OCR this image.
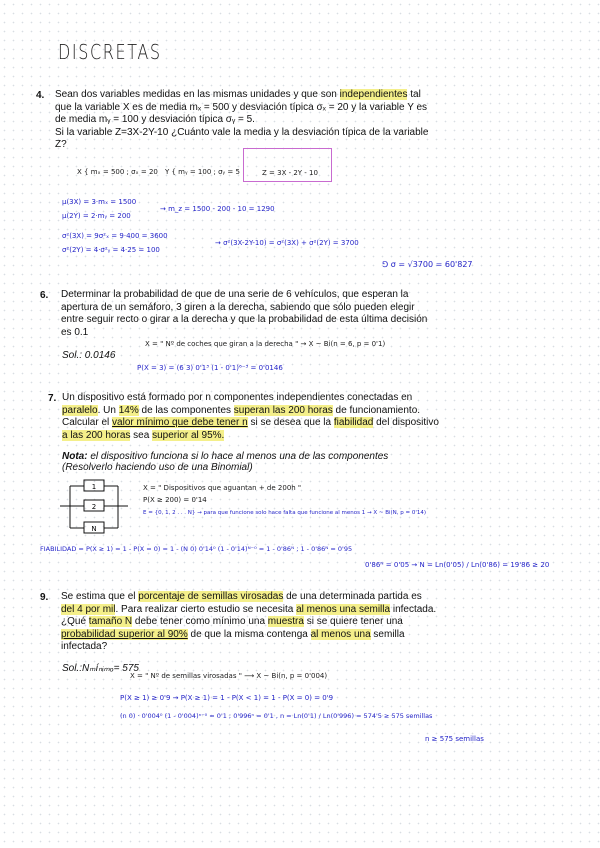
DISCRETAS
4. Sean dos variables medidas en las mismas unidades y que son independientes tal
que la variable X es de media mₓ = 500 y desviación típica σₓ = 20 y la variable Y es
de media mᵧ = 100 y desviación típica σᵧ = 5.
Si la variable Z=3X-2Y-10 ¿Cuánto vale la media y la desviación típica de la variable
Z?
X { mₓ = 500 ; σₓ = 20 Y { mᵧ = 100 ; σᵧ = 5	Z = 3X - 2Y - 10
μ(3X) = 3·mₓ = 1500
μ(2Y) = 2·mᵧ = 200
→ m_z = 1500 - 200 - 10 = 1290
σ²(3X) = 9σ²ₓ = 9·400 = 3600
σ²(2Y) = 4·σ²ᵧ = 4·25 = 100
→ σ²(3X-2Y-10) = σ²(3X) + σ²(2Y) = 3700
⅁ σ = √3700 = 60'827
6. Determinar la probabilidad de que de una serie de 6 vehículos, que esperan la
apertura de un semáforo, 3 giren a la derecha, sabiendo que sólo pueden elegir
entre seguir recto o girar a la derecha y que la probabilidad de esta última decisión
es 0.1
Sol.: 0.0146
X = " Nº de coches que giran a la derecha " → X ~ Bi(n = 6, p = 0'1)
P(X = 3) = (6 3) 0'1³ (1 - 0'1)⁶⁻³ = 0'0146
7. Un dispositivo está formado por n componentes independientes conectadas en
paralelo. Un 14% de las componentes superan las 200 horas de funcionamiento.
Calcular el valor mínimo que debe tener n si se desea que la fiabilidad del dispositivo
a las 200 horas sea superior al 95%.
Nota: el dispositivo funciona si lo hace al menos una de las componentes
(Resolverlo haciendo uso de una Binomial)
1
2
N
X = " Dispositivos que aguantan + de 200h "
P(X ≥ 200) = 0'14
E = {0, 1, 2 . . . N} → para que funcione solo hace falta que funcione al menos 1 → X ~ Bi(N, p = 0'14)
FIABILIDAD = P(X ≥ 1) = 1 - P(X = 0) = 1 - (N 0) 0'14⁰ (1 - 0'14)ᴺ⁻⁰ = 1 - 0'86ᴺ ; 1 - 0'86ᴺ = 0'95
0'86ᴺ = 0'05 → N = Ln(0'05) / Ln(0'86) = 19'86 ≥ 20
9. Se estima que el porcentaje de semillas virosadas de una determinada partida es
del 4 por mil. Para realizar cierto estudio se necesita al menos una semilla infectada.
¿Qué tamaño N debe tener como mínimo una muestra si se quiere tener una
probabilidad superior al 90% de que la misma contenga al menos una semilla
infectada?
Sol.:Nₘíₙᵢₘₒ= 575
X = " Nº de semillas virosadas " ⟶ X ~ Bi(n, p = 0'004)
P(X ≥ 1) ≥ 0'9 → P(X ≥ 1) = 1 - P(X < 1) = 1 - P(X = 0) = 0'9
(n 0) · 0'004⁰ (1 - 0'004)ⁿ⁻⁰ = 0'1 ; 0'996ⁿ = 0'1 , n = Ln(0'1) / Ln(0'996) = 574'5 ≥ 575 semillas
n ≥ 575 semillas
